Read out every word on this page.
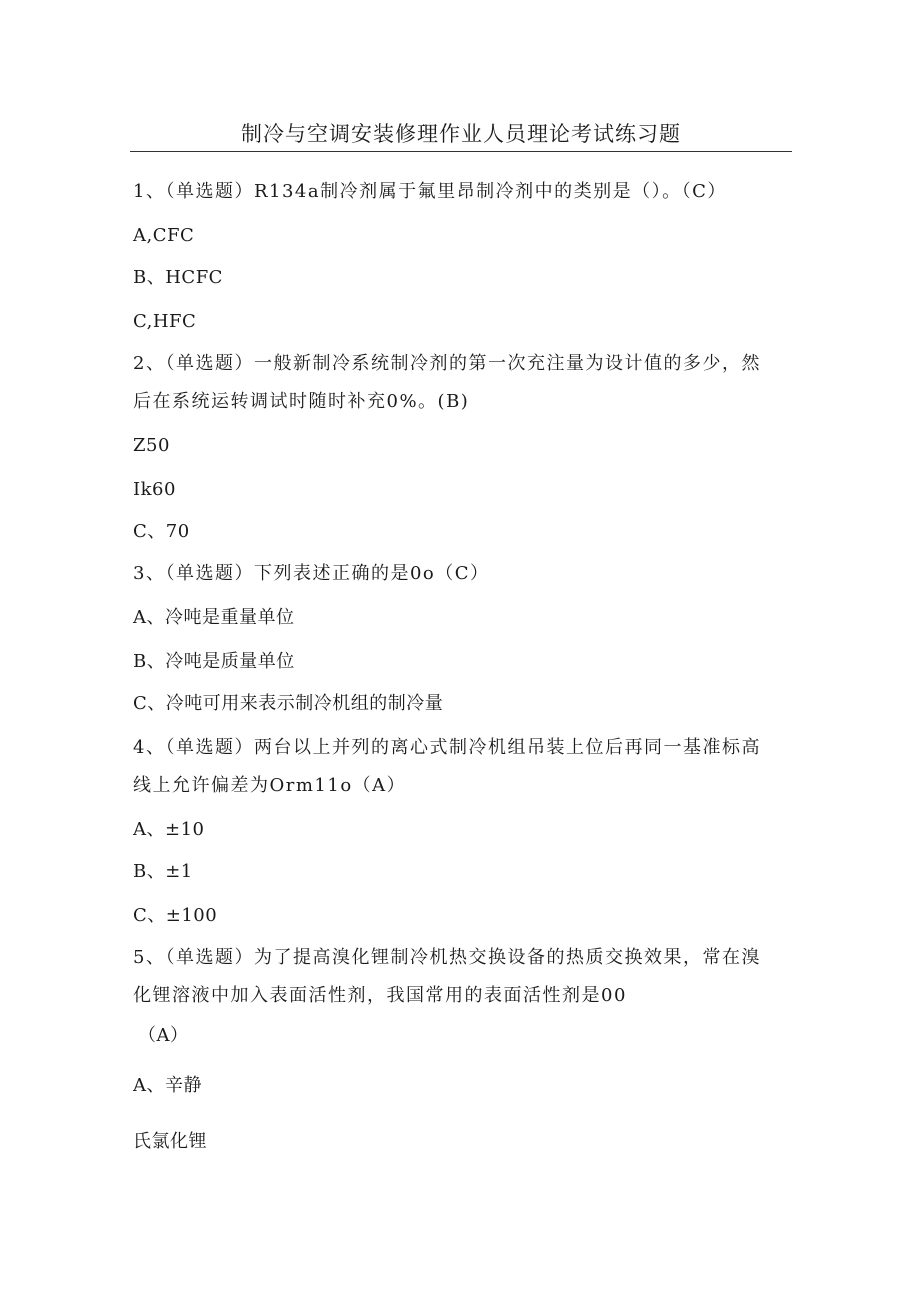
制冷与空调安装修理作业人员理论考试练习题
1、（单选题）R134a制冷剂属于氟里昂制冷剂中的类别是（）。（C）
A,CFC
B、HCFC
C,HFC
2、（单选题）一般新制冷系统制冷剂的第一次充注量为设计值的多少，然
后在系统运转调试时随时补充0%。(B)
Z50
Ik60
C、70
3、（单选题）下列表述正确的是0o（C）
A、冷吨是重量单位
B、冷吨是质量单位
C、冷吨可用来表示制冷机组的制冷量
4、（单选题）两台以上并列的离心式制冷机组吊装上位后再同一基准标高
线上允许偏差为Orm11o（A）
A、±10
B、±1
C、±100
5、（单选题）为了提高溴化锂制冷机热交换设备的热质交换效果，常在溴
化锂溶液中加入表面活性剂，我国常用的表面活性剂是00
（A）
A、辛静
氏氯化锂
